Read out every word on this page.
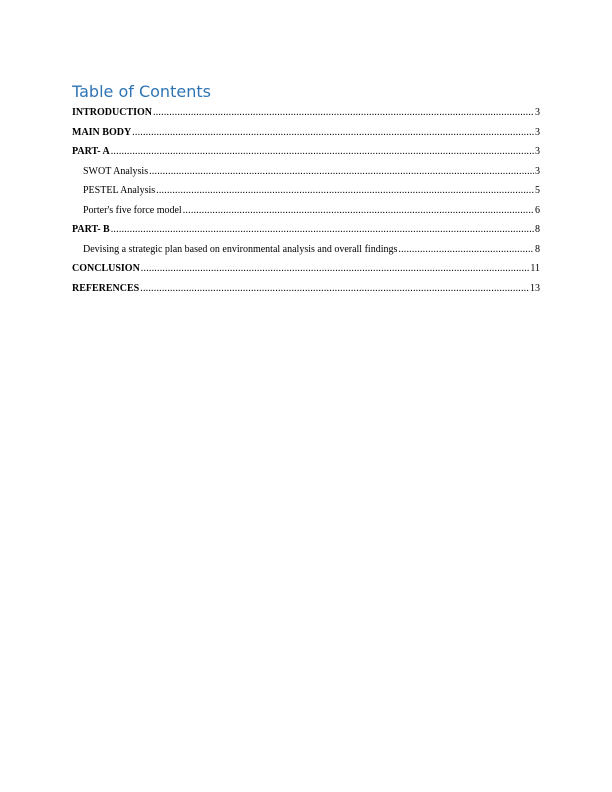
Table of Contents
INTRODUCTION .....	3
MAIN BODY .....	3
PART- A .....	3
SWOT Analysis .....	3
PESTEL Analysis .....	5
Porter's five force model .....	6
PART- B .....	8
Devising a strategic plan based on environmental analysis and overall findings .....	8
CONCLUSION .....	11
REFERENCES .....	13
